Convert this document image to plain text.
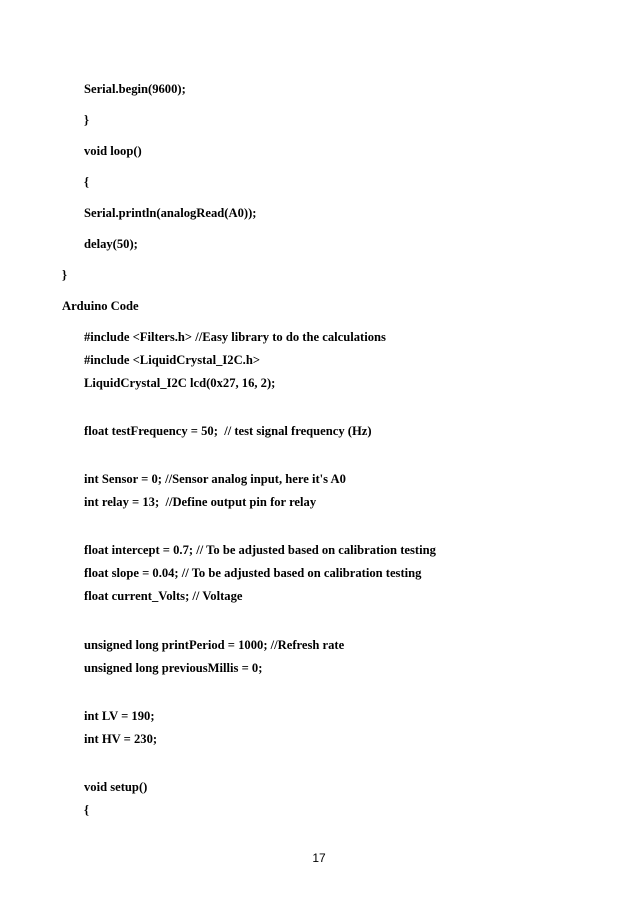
Serial.begin(9600);
}
void loop()
{
Serial.println(analogRead(A0));
delay(50);
}
Arduino Code
#include <Filters.h> //Easy library to do the calculations
#include <LiquidCrystal_I2C.h>
LiquidCrystal_I2C lcd(0x27, 16, 2);
float testFrequency = 50;  // test signal frequency (Hz)
int Sensor = 0; //Sensor analog input, here it's A0
int relay = 13;  //Define output pin for relay
float intercept = 0.7; // To be adjusted based on calibration testing
float slope = 0.04; // To be adjusted based on calibration testing
float current_Volts; // Voltage
unsigned long printPeriod = 1000; //Refresh rate
unsigned long previousMillis = 0;
int LV = 190;
int HV = 230;
void setup()
{
17
